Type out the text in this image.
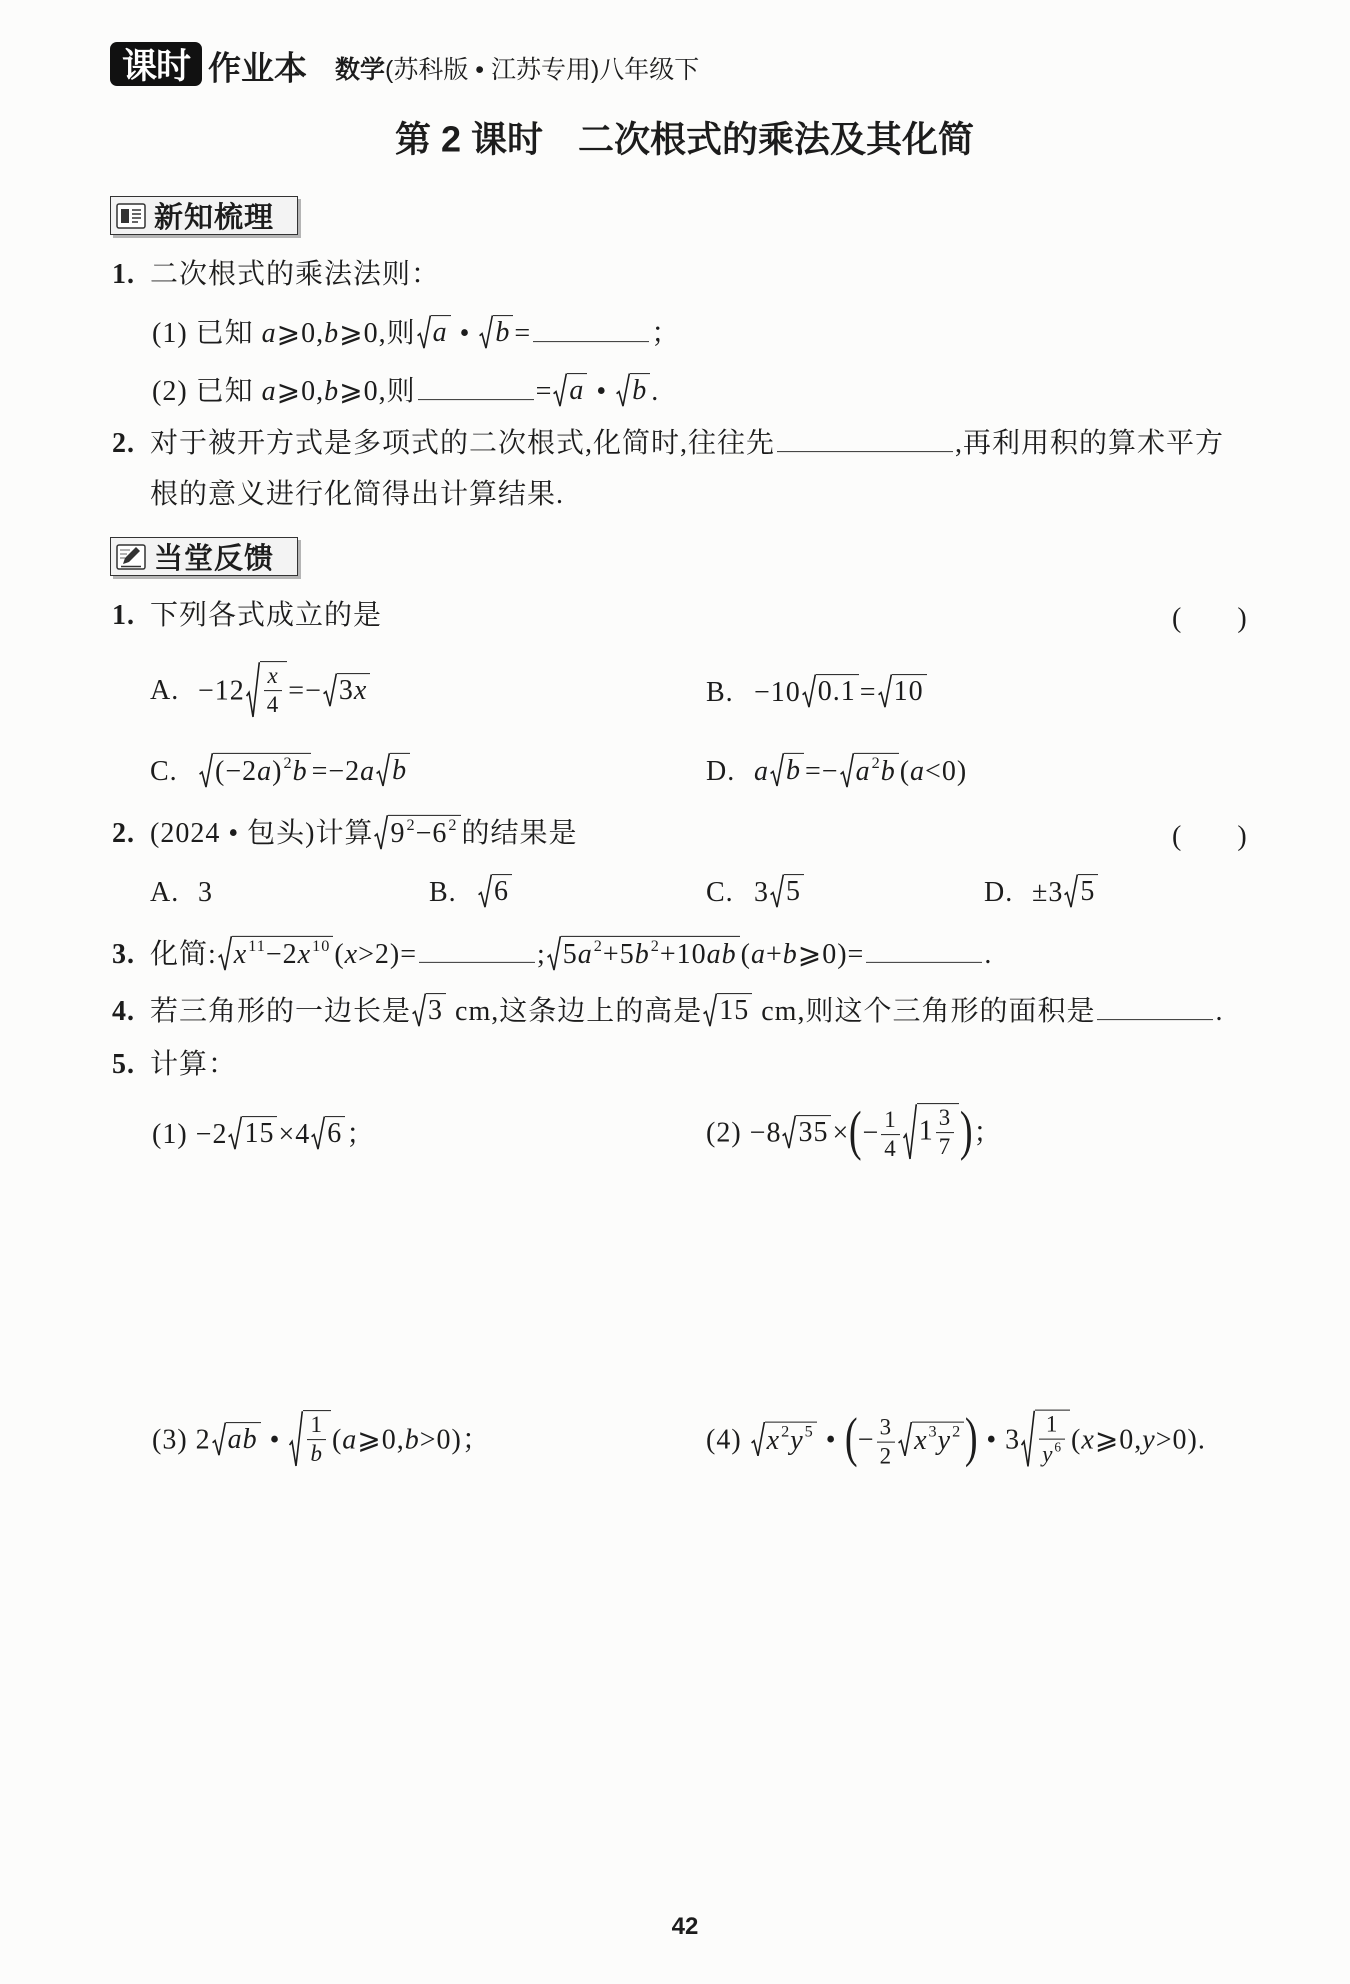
课时 作业本 数学(苏科版 • 江苏专用)八年级下
第 2 课时 二次根式的乘法及其化简
新知梳理
1. 二次根式的乘法法则：
(1) 已知 a⩾0,b⩾0,则 a • b =	；
(2) 已知 a⩾0,b⩾0,则	= a • b .
2. 对于被开方式是多项式的二次根式,化简时,往往先	,再利用积的算术平方
根的意义进行化简得出计算结果.
当堂反馈
1. 下列各式成立的是	(　　)
A. $-12 \frac{x}{4} =- 3x$	B. −10 0.1 = 10
C. $(-2a)^2b =-2a$ b	D. a $b =- a^2b$ (a<0)
2. (2024 • 包头)计算 $9^2-6^2$ 的结果是	(　　)
A. 3	B. 6	C. 3 5	D. ±3 5
3. 化简: $x^{11}-2x^{10}$ (x>2)=	; $5a^2+5b^2+10ab$ (a+b⩾0)=	.
4. 若三角形的一边长是 3 cm,这条边上的高是 15 cm,则这个三角形的面积是	.
5. 计算：
(1) −2 15 ×4 6 ；	(2) −8 35 ×(− $\frac{1}{4} 1 \frac{3}{7}$ )；
(3) 2 ab • $\frac{1}{b}$ (a⩾0,b>0)；	(4) $x^2y^5$ • (− $\frac{3}{2} x^3y^2$ ) • $3 \frac{1}{y^6}$ (x⩾0,y>0).
42
